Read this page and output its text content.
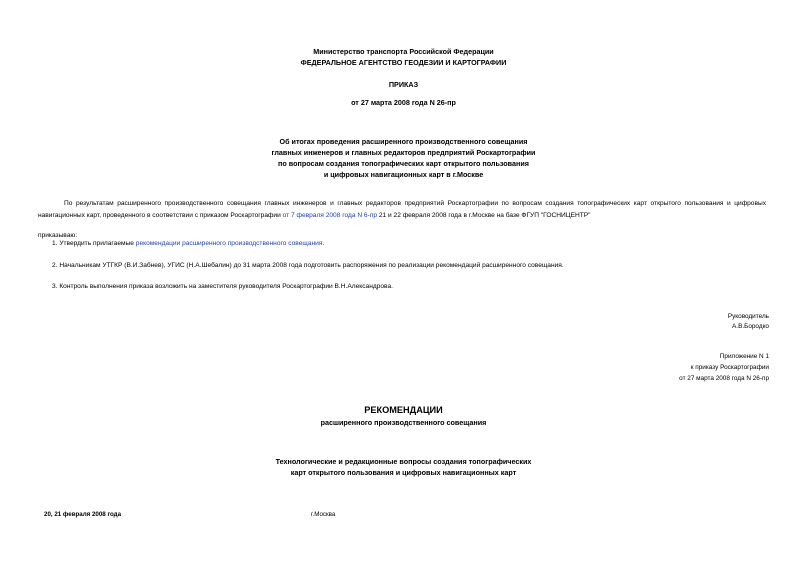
Министерство транспорта Российской Федерации
ФЕДЕРАЛЬНОЕ АГЕНТСТВО ГЕОДЕЗИИ И КАРТОГРАФИИ
ПРИКАЗ
от 27 марта 2008 года N 26-пр
Об итогах проведения расширенного производственного совещания
главных инженеров и главных редакторов предприятий Роскартографии
по вопросам создания топографических карт открытого пользования
и цифровых навигационных карт в г.Москве
По результатам расширенного производственного совещания главных инженеров и главных редакторов предприятий Роскартографии по вопросам создания топографических карт открытого пользования и цифровых навигационных карт, проведенного в соответствии с приказом Роскартографии от 7 февраля 2008 года N 6-пр 21 и 22 февраля 2008 года в г.Москве на базе ФГУП "ГОСНИЦЕНТР"
приказываю:
1. Утвердить прилагаемые рекомендации расширенного производственного совещания.
2. Начальникам УТГКР (В.И.Забнев), УГИС (Н.А.Шебалин) до 31 марта 2008 года подготовить распоряжения по реализации рекомендаций расширенного совещания.
3. Контроль выполнения приказа возложить на заместителя руководителя Роскартографии В.Н.Александрова.
Руководитель
А.В.Бородко
Приложение N 1
к приказу Роскартографии
от 27 марта 2008 года N 26-пр
РЕКОМЕНДАЦИИ
расширенного производственного совещания
Технологические и редакционные вопросы создания топографических
карт открытого пользования и цифровых навигационных карт
20, 21 февраля 2008 года	г.Москва
